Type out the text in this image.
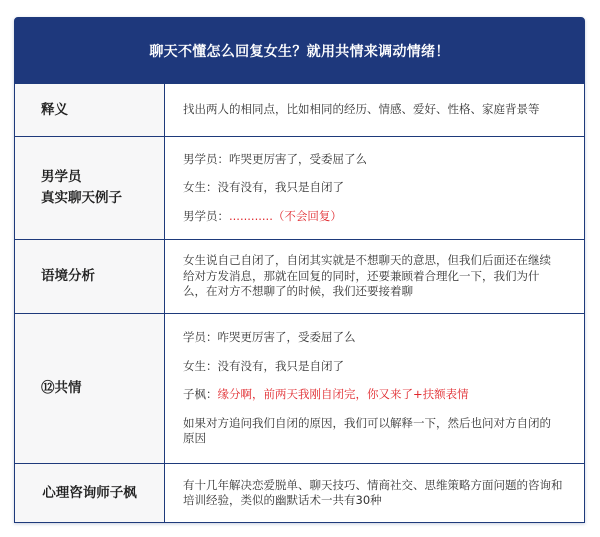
聊天不懂怎么回复女生？就用共情来调动情绪！
释义	找出两人的相同点，比如相同的经历、情感、爱好、性格、家庭背景等

男学员
真实聊天例子

男学员：咋哭更厉害了，受委屈了么

女生：没有没有，我只是自闭了

男学员：............（不会回复）

语境分析

女生说自己自闭了，自闭其实就是不想聊天的意思，但我们后面还在继续给对方发消息，那就在回复的同时，还要兼顾着合理化一下，我们为什么，在对方不想聊了的时候，我们还要接着聊

⑫共情

学员：咋哭更厉害了，受委屈了么

女生：没有没有，我只是自闭了

子枫：缘分啊，前两天我刚自闭完，你又来了+扶额表情

如果对方追问我们自闭的原因，我们可以解释一下，然后也问对方自闭的原因

心理咨询师子枫	有十几年解决恋爱脱单、聊天技巧、情商社交、思维策略方面问题的咨询和培训经验，类似的幽默话术一共有30种
